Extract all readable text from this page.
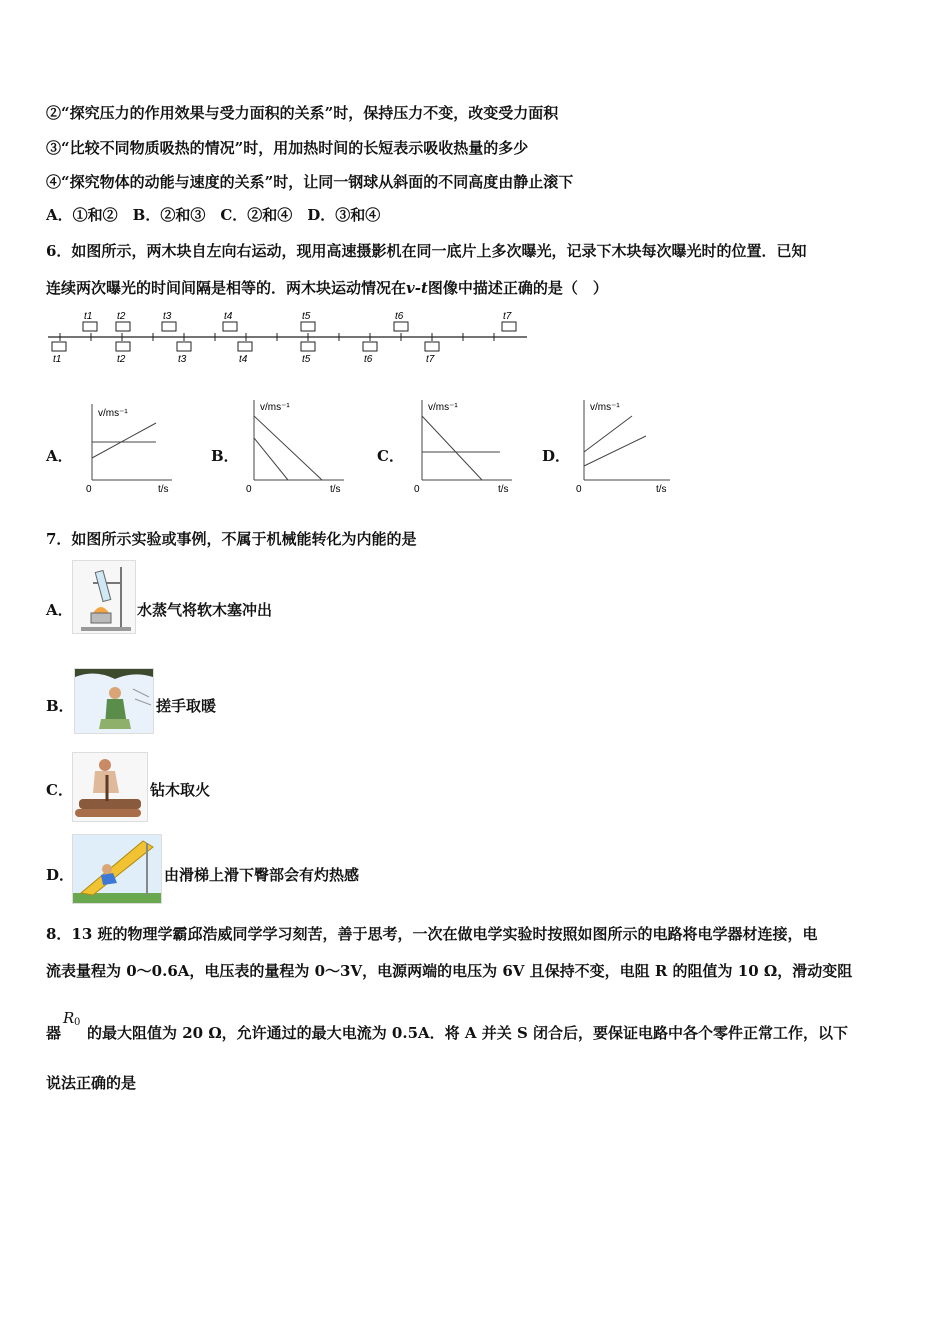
②“探究压力的作用效果与受力面积的关系”时，保持压力不变，改变受力面积
③“比较不同物质吸热的情况”时，用加热时间的长短表示吸收热量的多少
④“探究物体的动能与速度的关系”时，让同一钢球从斜面的不同高度由静止滚下
A．①和②　B．②和③　C．②和④　D．③和④
6．如图所示，两木块自左向右运动，现用高速摄影机在同一底片上多次曝光，记录下木块每次曝光时的位置．已知
连续两次曝光的时间间隔是相等的．两木块运动情况在v-t图像中描述正确的是（　）
t1 t2	t3	t4	t5	t6	t7
t1	t2	t3	t4	t5	t6	t7
A．
v/ms⁻¹
0	t/s
B．
v/ms⁻¹
0	t/s
C．
v/ms⁻¹
0	t/s
D．
v/ms⁻¹
0	t/s
7．如图所示实验或事例，不属于机械能转化为内能的是
A．	水蒸气将软木塞冲出
B．	搓手取暖
C．	钻木取火
D．	由滑梯上滑下臀部会有灼热感
8．13 班的物理学霸邱浩威同学学习刻苦，善于思考，一次在做电学实验时按照如图所示的电路将电学器材连接，电
流表量程为 0～0.6A，电压表的量程为 0～3V，电源两端的电压为 6V 且保持不变，电阻 R 的阻值为 10 Ω，滑动变阻
器
R 0
的最大阻值为 20 Ω，允许通过的最大电流为 0.5A．将 A 并关 S 闭合后，要保证电路中各个零件正常工作，以下
说法正确的是
